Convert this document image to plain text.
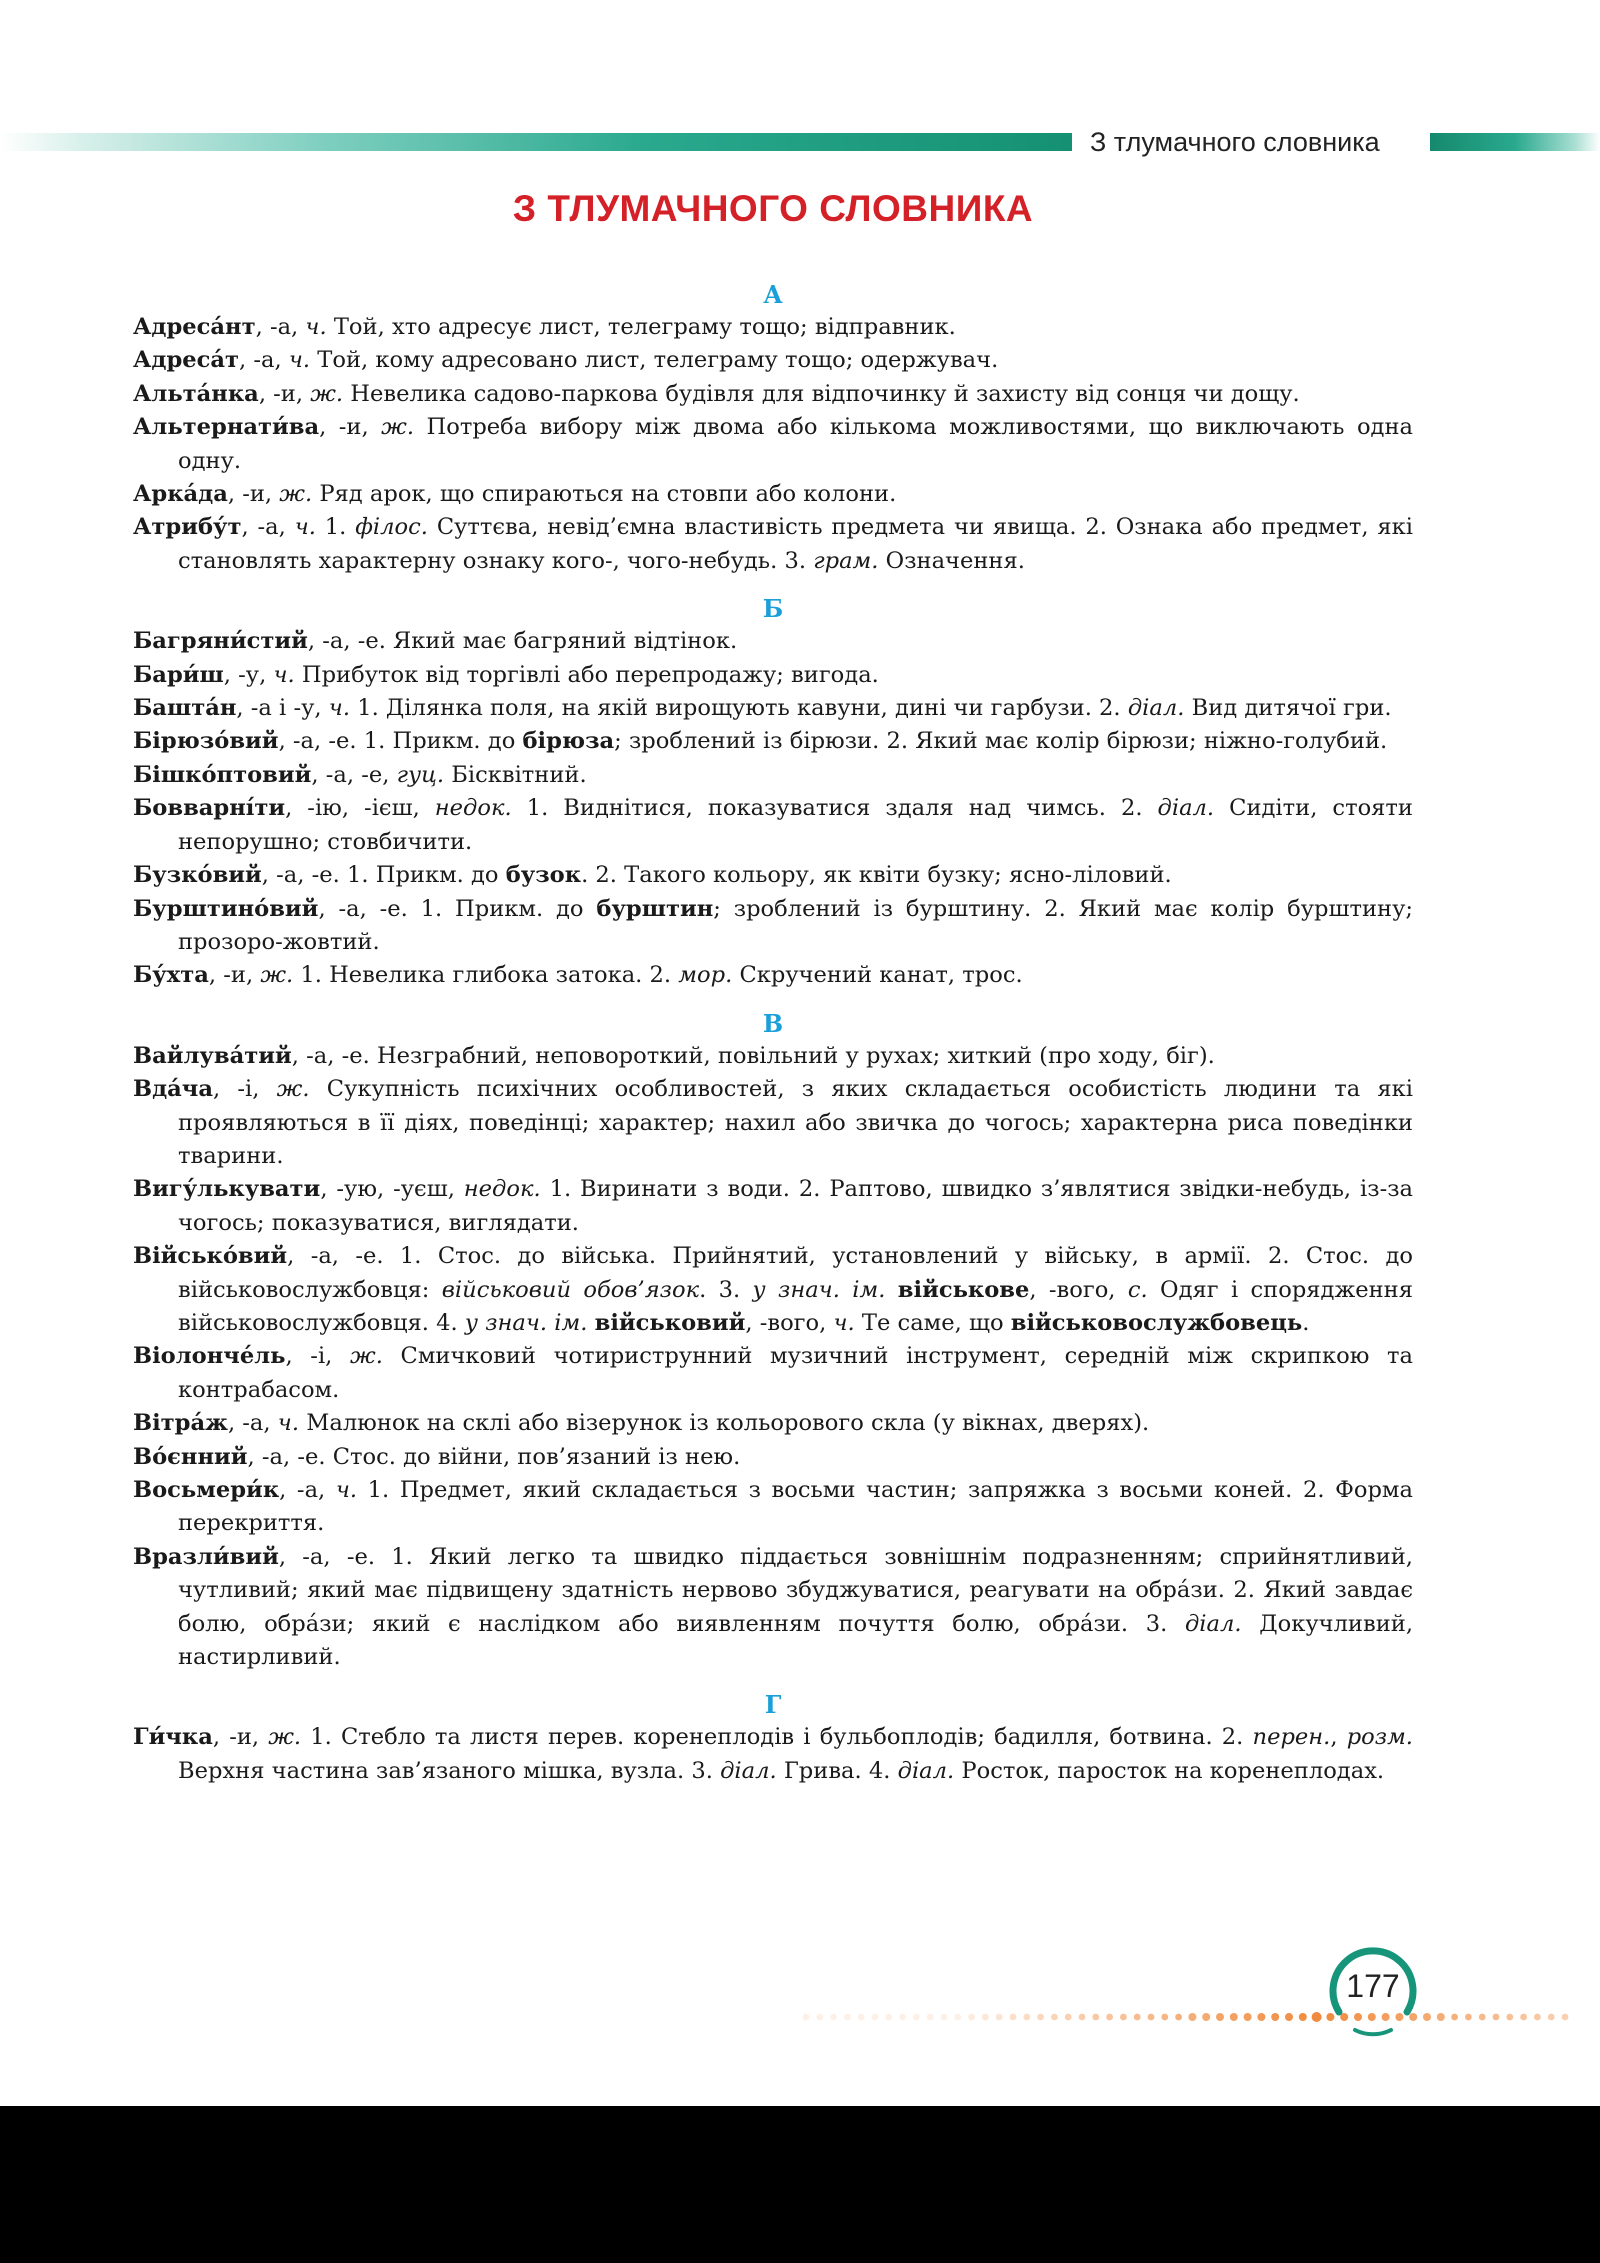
З тлумачного словника
З ТЛУМАЧНОГО СЛОВНИКА
А

Адреса́нт, -а, ч. Той, хто адресує лист, телеграму тощо; відправник.

Адреса́т, -а, ч. Той, кому адресовано лист, телеграму тощо; одержувач.

Альта́нка, -и, ж. Невелика садово-паркова будівля для відпочинку й захисту від сонця чи дощу.

Альтернати́ва, -и, ж. Потреба вибору між двома або кількома можливостями, що виключають одна одну.

Арка́да, -и, ж. Ряд арок, що спираються на стовпи або колони.

Атрибу́т, -а, ч. 1. філос. Суттєва, невід’ємна властивість предмета чи явища. 2. Ознака або предмет, які становлять характерну ознаку кого-, чого-небудь. 3. грам. Означення.

Б

Багряни́стий, -а, -е. Який має багряний відтінок.

Бари́ш, -у, ч. Прибуток від торгівлі або перепродажу; вигода.

Башта́н, -а і -у, ч. 1. Ділянка поля, на якій вирощують кавуни, дині чи гарбузи. 2. діал. Вид дитячої гри.

Бірюзо́вий, -а, -е. 1. Прикм. до бірюза; зроблений із бірюзи. 2. Який має колір бірюзи; ніжно-голубий.

Бішко́птовий, -а, -е, гуц. Бісквітний.

Бовварні́ти, -ію, -ієш, недок. 1. Виднітися, показуватися здаля над чимсь. 2. діал. Сидіти, стояти непорушно; стовбичити.

Бузко́вий, -а, -е. 1. Прикм. до бузок. 2. Такого кольору, як квіти бузку; ясно-ліловий.

Бурштино́вий, -а, -е. 1. Прикм. до бурштин; зроблений із бурштину. 2. Який має колір бурштину; прозоро-жовтий.

Бу́хта, -и, ж. 1. Невелика глибока затока. 2. мор. Скручений канат, трос.

В

Вайлува́тий, -а, -е. Незграбний, неповороткий, повільний у рухах; хиткий (про ходу, біг).

Вда́ча, -і, ж. Сукупність психічних особливостей, з яких складається особистість людини та які проявляються в її діях, поведінці; характер; нахил або звичка до чогось; характерна риса поведінки тварини.

Вигу́лькувати, -ую, -уєш, недок. 1. Виринати з води. 2. Раптово, швидко з’являтися звідки-небудь, із-за чогось; показуватися, виглядати.

Військо́вий, -а, -е. 1. Стос. до війська. Прийнятий, установлений у війську, в армії. 2. Стос. до військовослужбовця: військовий обов’язок. 3. у знач. ім. військове, -вого, с. Одяг і спорядження військовослужбовця. 4. у знач. ім. військовий, -вого, ч. Те саме, що військовослужбовець.

Віолонче́ль, -і, ж. Смичковий чотириструнний музичний інструмент, середній між скрипкою та контрабасом.

Вітра́ж, -а, ч. Малюнок на склі або візерунок із кольорового скла (у вікнах, дверях).

Во́єнний, -а, -е. Стос. до війни, пов’язаний із нею.

Восьмери́к, -а, ч. 1. Предмет, який складається з восьми частин; запряжка з восьми коней. 2. Форма перекриття.

Вразли́вий, -а, -е. 1. Який легко та швидко піддається зовнішнім подразненням; сприйнятливий, чутливий; який має підвищену здатність нервово збуджуватися, реагувати на обра́зи. 2. Який завдає болю, обра́зи; який є наслідком або виявленням почуття болю, обра́зи. 3. діал. Докучливий, настирливий.

Г

Ги́чка, -и, ж. 1. Стебло та листя перев. коренеплодів і бульбоплодів; бадилля, ботвина. 2. перен., розм. Верхня частина зав’язаного мішка, вузла. 3. діал. Грива. 4. діал. Росток, паросток на коренеплодах.

177
